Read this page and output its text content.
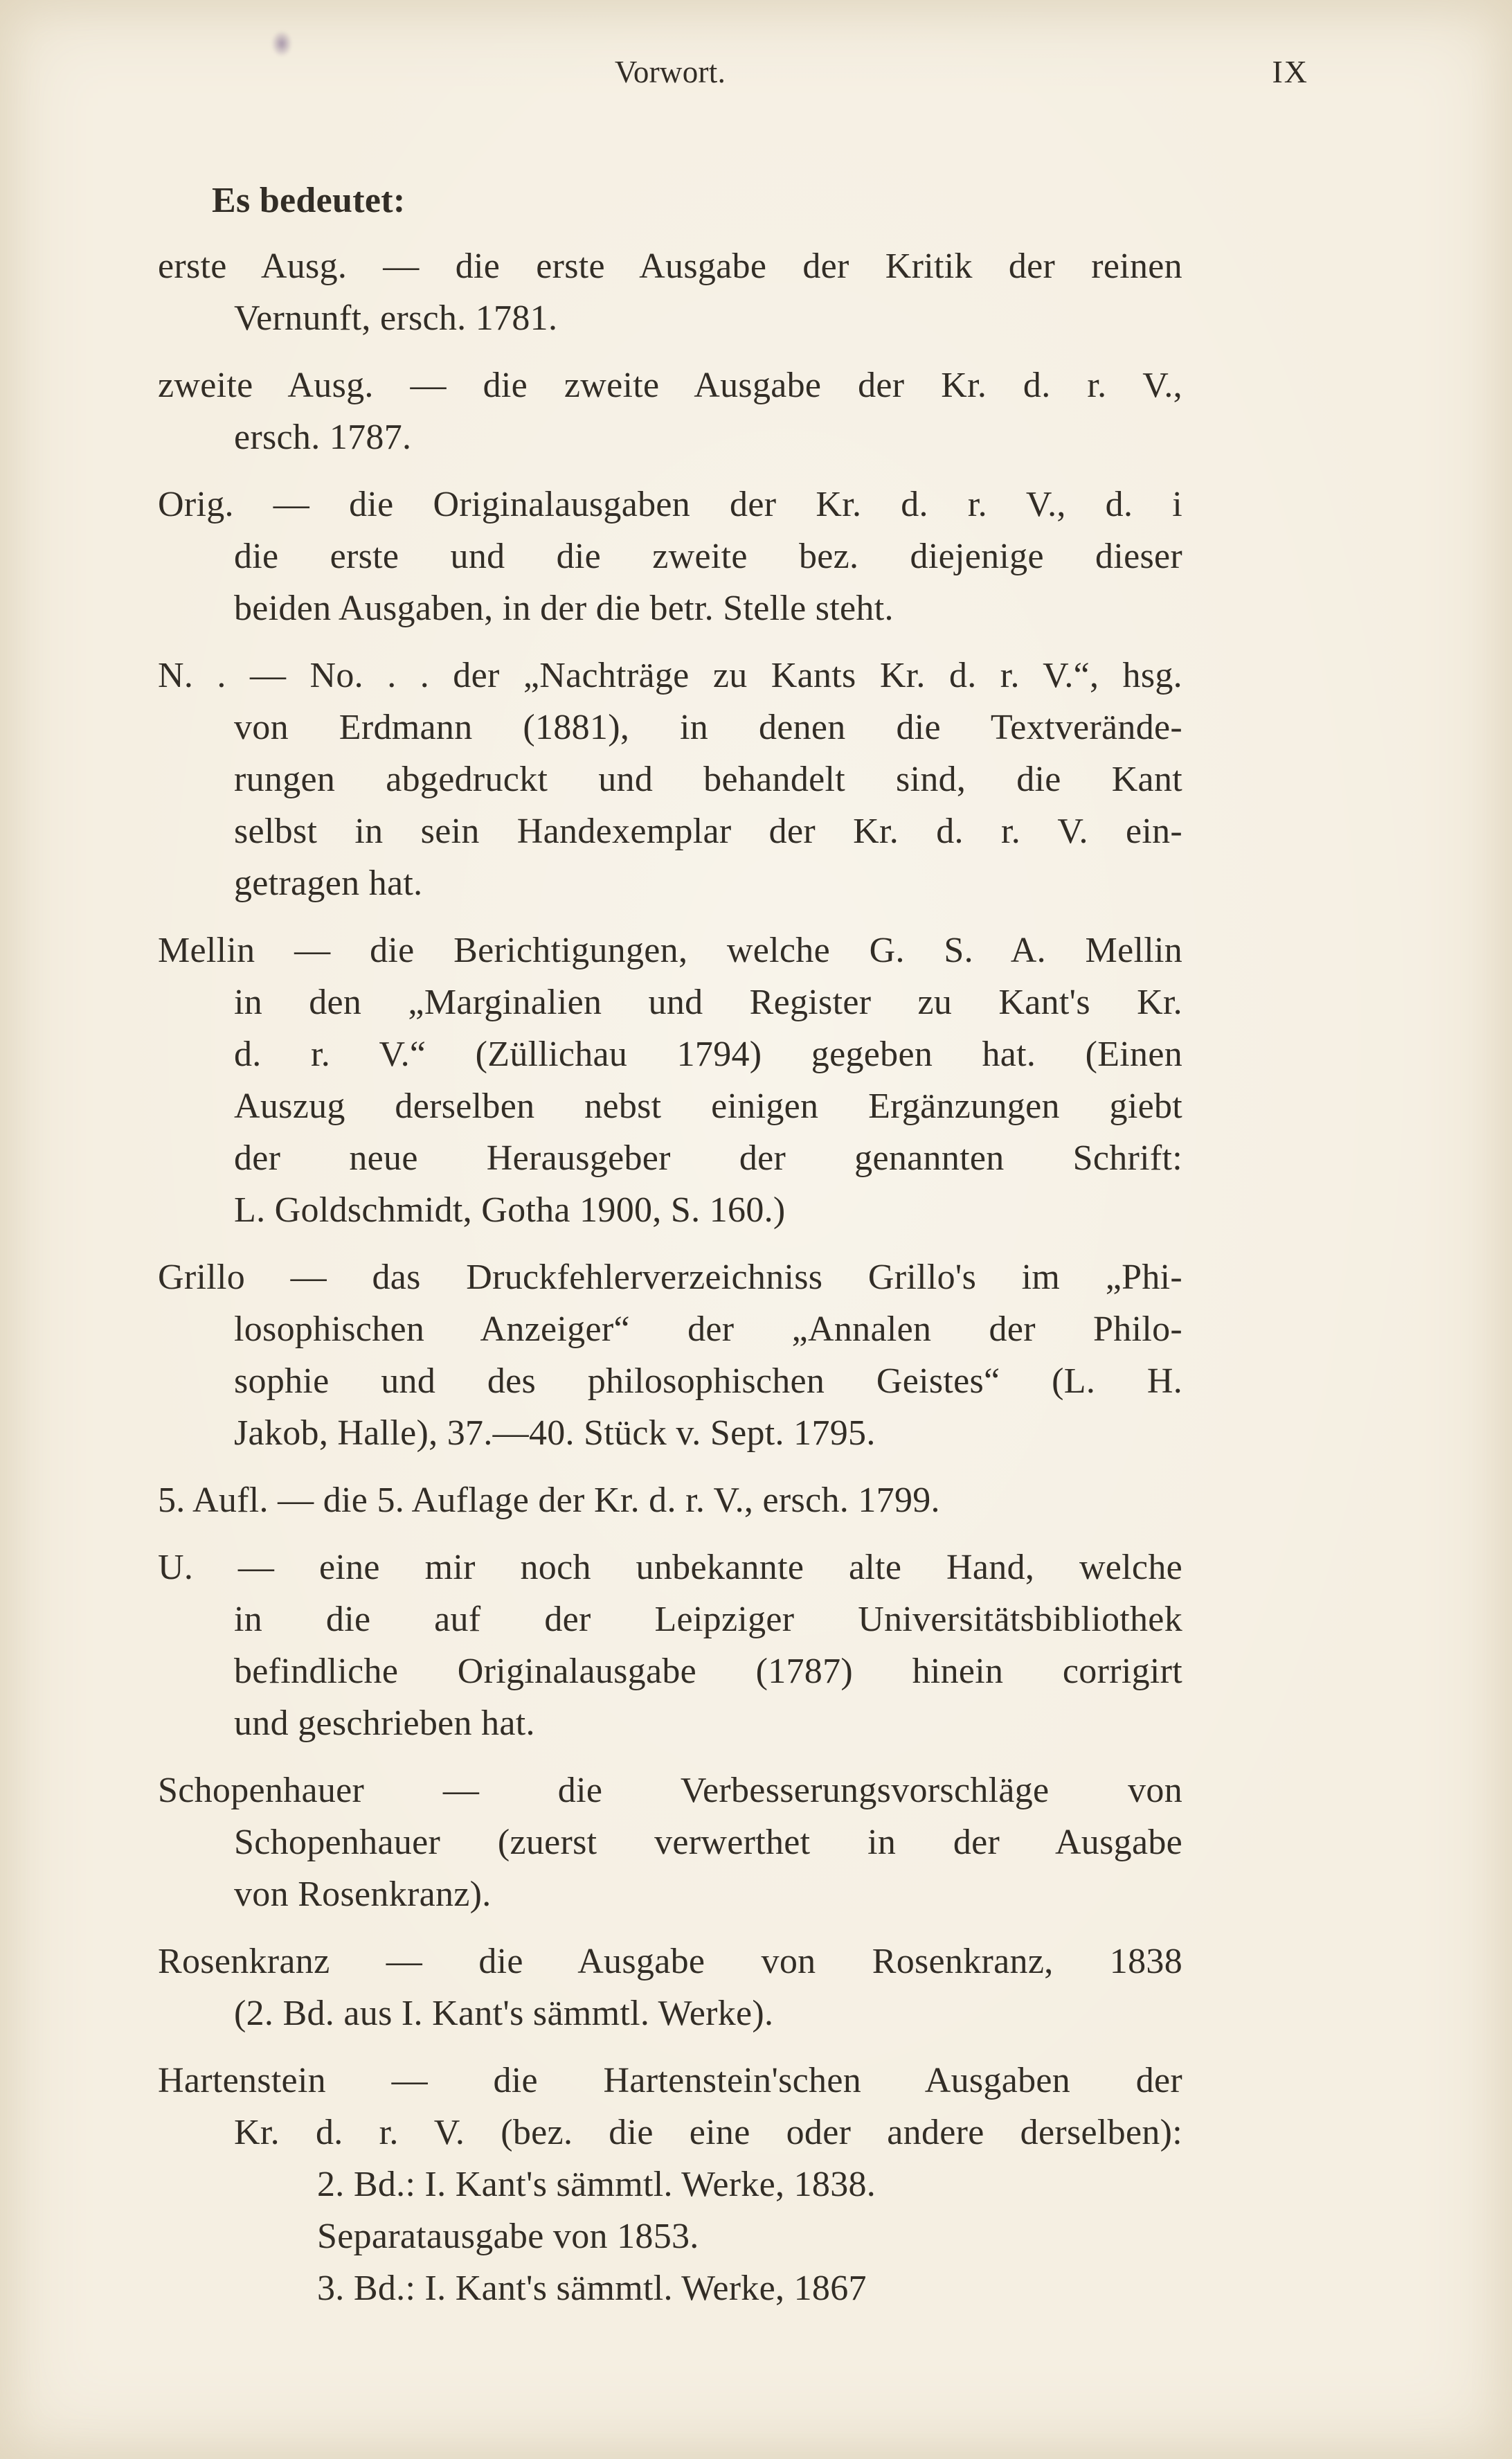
Vorwort.	IX

Es bedeutet:

erste Ausg. — die erste Ausgabe der Kritik der reinen
Vernunft, ersch. 1781.

zweite Ausg. — die zweite Ausgabe der Kr. d. r. V.,
ersch. 1787.

Orig. — die Originalausgaben der Kr. d. r. V., d. i
die erste und die zweite bez. diejenige dieser
beiden Ausgaben, in der die betr. Stelle steht.

N. . — No. . . der „Nachträge zu Kants Kr. d. r. V.“, hsg.
von Erdmann (1881), in denen die Textverände-
rungen abgedruckt und behandelt sind, die Kant
selbst in sein Handexemplar der Kr. d. r. V. ein-
getragen hat.

Mellin — die Berichtigungen, welche G. S. A. Mellin
in den „Marginalien und Register zu Kant's Kr.
d. r. V.“ (Züllichau 1794) gegeben hat. (Einen
Auszug derselben nebst einigen Ergänzungen giebt
der neue Herausgeber der genannten Schrift:
L. Goldschmidt, Gotha 1900, S. 160.)

Grillo — das Druckfehlerverzeichniss Grillo's im „Phi-
losophischen Anzeiger“ der „Annalen der Philo-
sophie und des philosophischen Geistes“ (L. H.
Jakob, Halle), 37.—40. Stück v. Sept. 1795.

5. Aufl. — die 5. Auflage der Kr. d. r. V., ersch. 1799.

U. — eine mir noch unbekannte alte Hand, welche
in die auf der Leipziger Universitätsbibliothek
befindliche Originalausgabe (1787) hinein corrigirt
und geschrieben hat.

Schopenhauer — die Verbesserungsvorschläge von
Schopenhauer (zuerst verwerthet in der Ausgabe
von Rosenkranz).

Rosenkranz — die Ausgabe von Rosenkranz, 1838
(2. Bd. aus I. Kant's sämmtl. Werke).

Hartenstein — die Hartenstein'schen Ausgaben der
Kr. d. r. V. (bez. die eine oder andere derselben):
2. Bd.: I. Kant's sämmtl. Werke, 1838.
Separatausgabe von 1853.
3. Bd.: I. Kant's sämmtl. Werke, 1867
